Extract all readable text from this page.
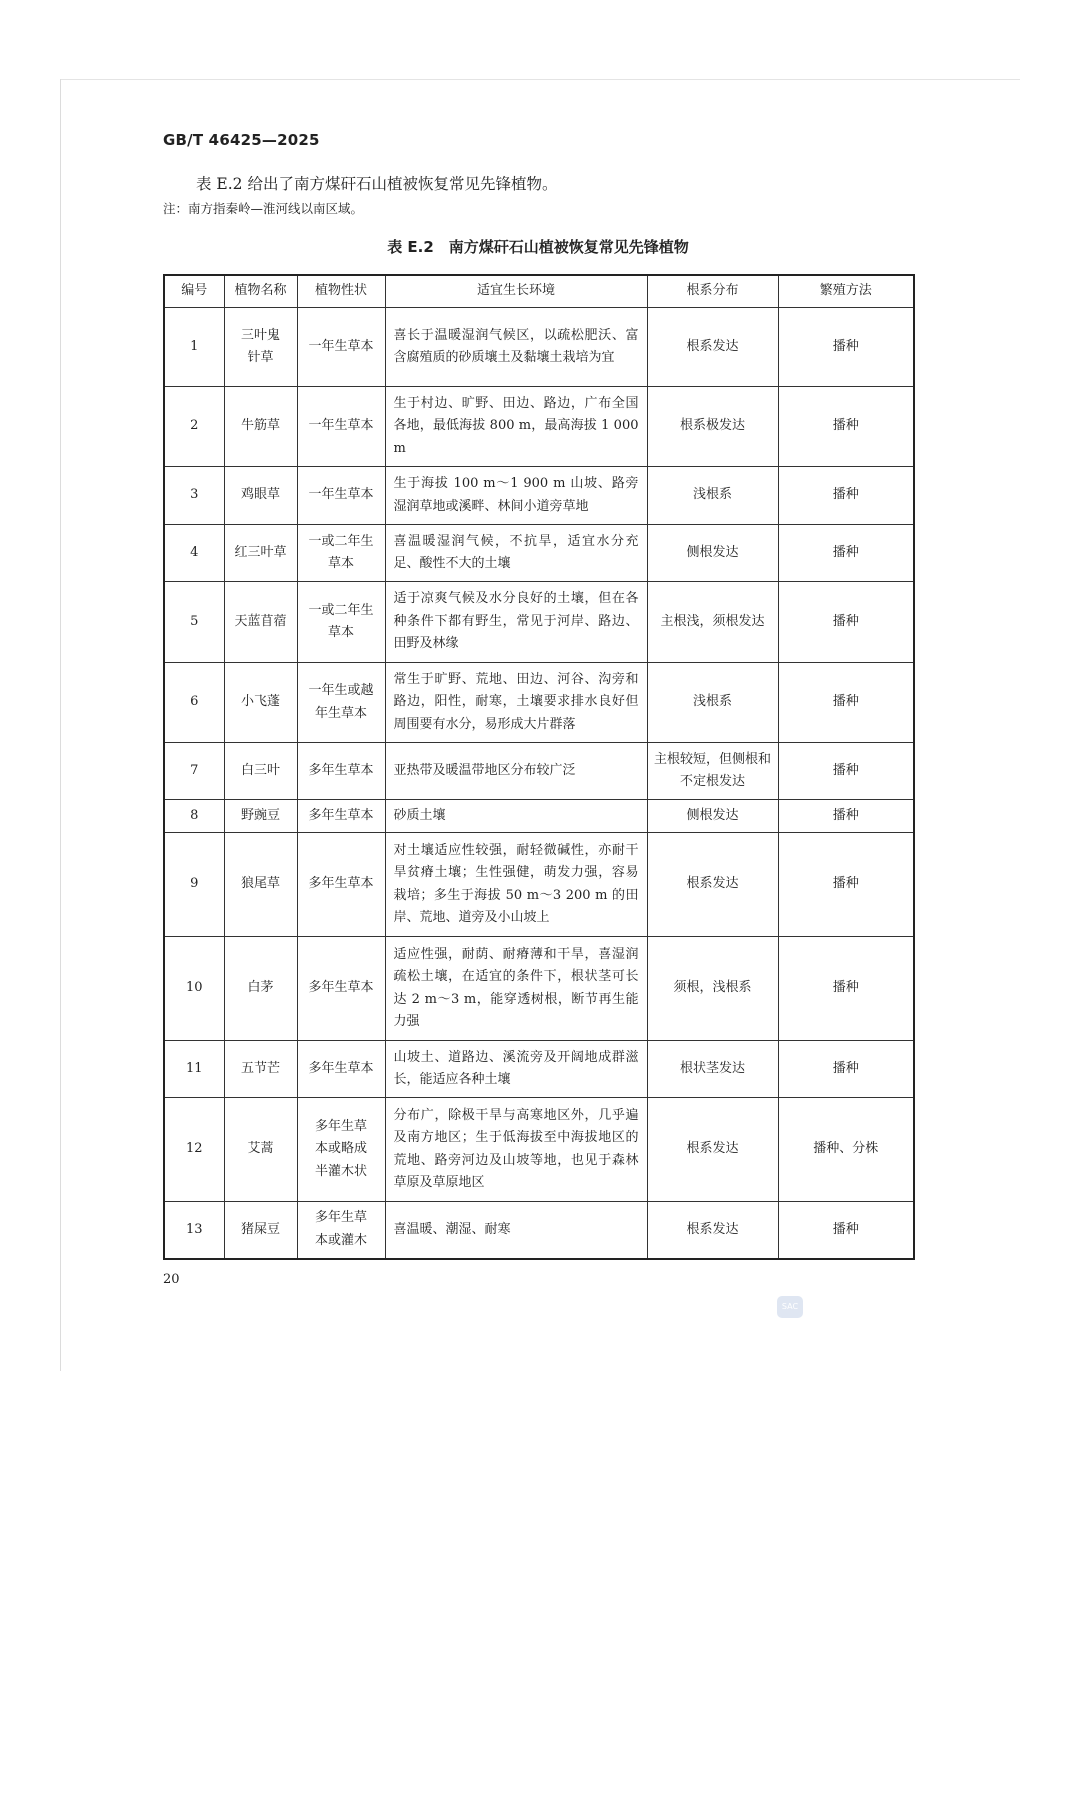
GB/T 46425—2025
表 E.2 给出了南方煤矸石山植被恢复常见先锋植物。
注：南方指秦岭—淮河线以南区域。
表 E.2　南方煤矸石山植被恢复常见先锋植物
编号	植物名称	植物性状	适宜生长环境	根系分布	繁殖方法
1	三叶鬼针草	一年生草本	喜长于温暖湿润气候区，以疏松肥沃、富含腐殖质的砂质壤土及黏壤土栽培为宜	根系发达	播种
2	牛筋草	一年生草本	生于村边、旷野、田边、路边，广布全国各地，最低海拔 800 m，最高海拔 1 000 m	根系极发达	播种
3	鸡眼草	一年生草本	生于海拔 100 m～1 900 m 山坡、路旁湿润草地或溪畔、林间小道旁草地	浅根系	播种
4	红三叶草	一或二年生草本	喜温暖湿润气候，不抗旱，适宜水分充足、酸性不大的土壤	侧根发达	播种
5	天蓝苜蓿	一或二年生草本	适于凉爽气候及水分良好的土壤，但在各种条件下都有野生，常见于河岸、路边、田野及林缘	主根浅，须根发达	播种
6	小飞蓬	一年生或越年生草本	常生于旷野、荒地、田边、河谷、沟旁和路边，阳性，耐寒，土壤要求排水良好但周围要有水分，易形成大片群落	浅根系	播种
7	白三叶	多年生草本	亚热带及暖温带地区分布较广泛	主根较短，但侧根和不定根发达	播种
8	野豌豆	多年生草本	砂质土壤	侧根发达	播种
9	狼尾草	多年生草本	对土壤适应性较强，耐轻微碱性，亦耐干旱贫瘠土壤；生性强健，萌发力强，容易栽培；多生于海拔 50 m～3 200 m 的田岸、荒地、道旁及小山坡上	根系发达	播种
10	白茅	多年生草本	适应性强，耐荫、耐瘠薄和干旱，喜湿润疏松土壤，在适宜的条件下，根状茎可长达 2 m～3 m，能穿透树根，断节再生能力强	须根，浅根系	播种
11	五节芒	多年生草本	山坡土、道路边、溪流旁及开阔地成群滋长，能适应各种土壤	根状茎发达	播种
12	艾蒿	多年生草本或略成半灌木状	分布广，除极干旱与高寒地区外，几乎遍及南方地区；生于低海拔至中海拔地区的荒地、路旁河边及山坡等地，也见于森林草原及草原地区	根系发达	播种、分株
13	猪屎豆	多年生草本或灌木	喜温暖、潮湿、耐寒	根系发达	播种
20
SAC
